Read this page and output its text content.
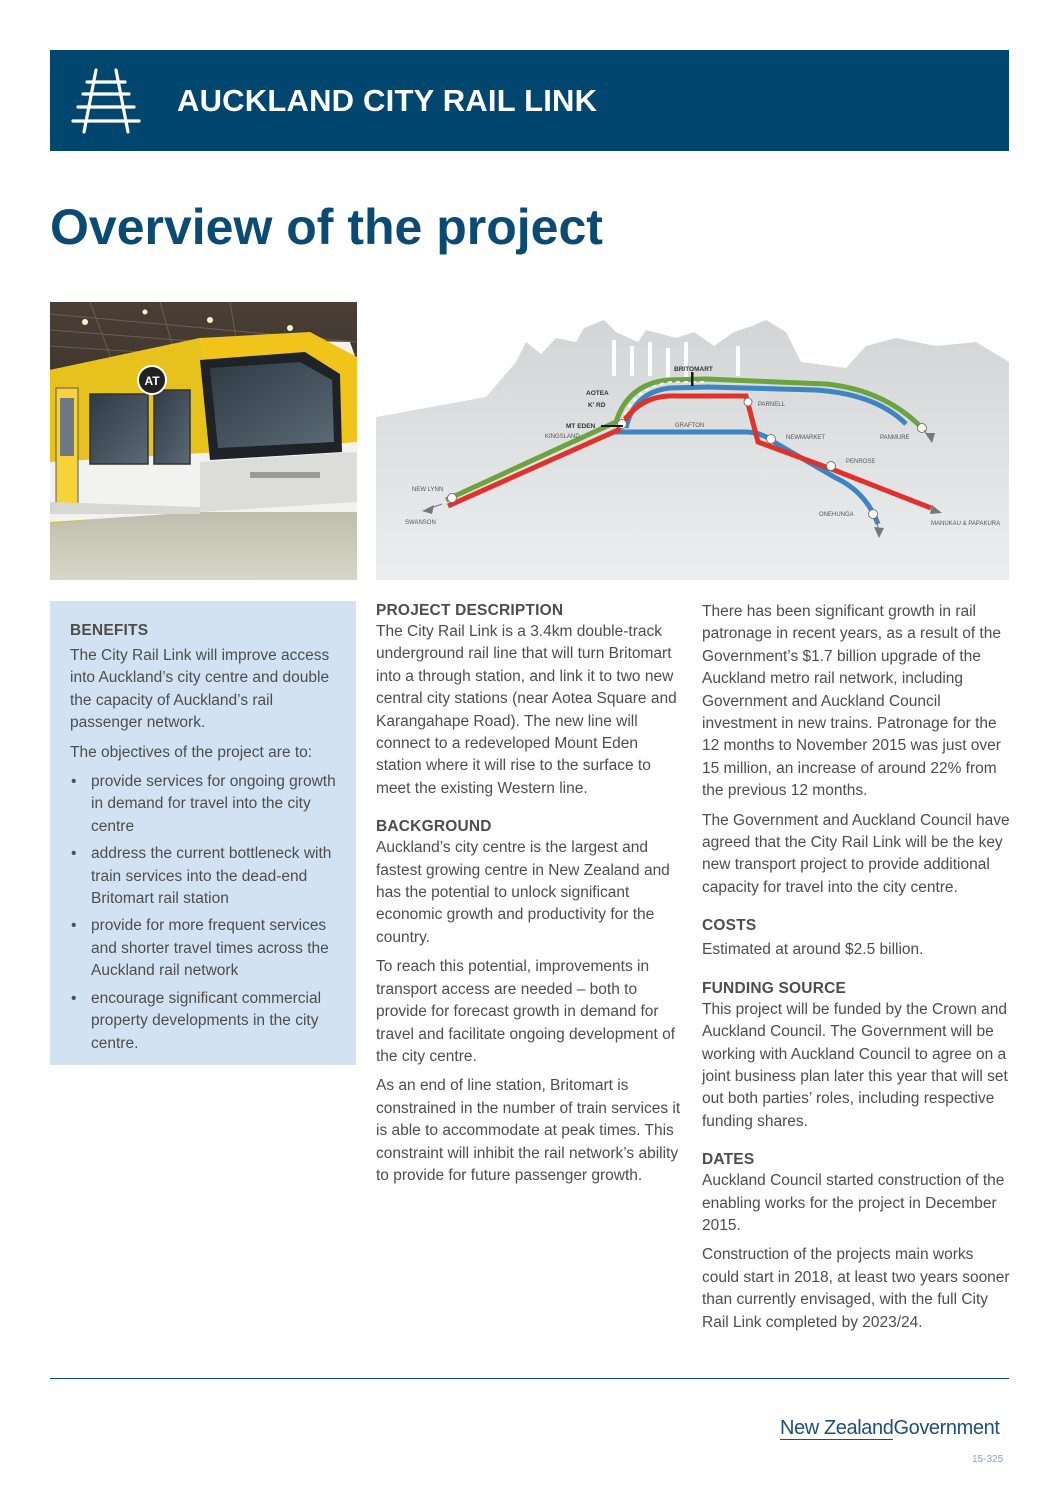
AUCKLAND CITY RAIL LINK
Overview of the project
AT
BRITOMART
AOTEA
K' RD
MT EDEN
KINGSLAND
GRAFTON
PARNELL
NEWMARKET	PANMURE
PENROSE
ONEHUNGA
MANUKAU & PAPAKURA
NEW LYNN
SWANSON
BENEFITS

The City Rail Link will improve access into Auckland’s city centre and double the capacity of Auckland’s rail passenger network.

The objectives of the project are to:

• provide services for ongoing growth in demand for travel into the city centre
• address the current bottleneck with train services into the dead-end Britomart rail station
• provide for more frequent services and shorter travel times across the Auckland rail network
• encourage significant commercial property developments in the city centre.
PROJECT DESCRIPTION

The City Rail Link is a 3.4km double-track underground rail line that will turn Britomart into a through station, and link it to two new central city stations (near Aotea Square and Karangahape Road). The new line will connect to a redeveloped Mount Eden station where it will rise to the surface to meet the existing Western line.

BACKGROUND

Auckland’s city centre is the largest and fastest growing centre in New Zealand and has the potential to unlock significant economic growth and productivity for the country.

To reach this potential, improvements in transport access are needed – both to provide for forecast growth in demand for travel and facilitate ongoing development of the city centre.

As an end of line station, Britomart is constrained in the number of train services it is able to accommodate at peak times. This constraint will inhibit the rail network’s ability to provide for future passenger growth.

There has been significant growth in rail patronage in recent years, as a result of the Government’s $1.7 billion upgrade of the Auckland metro rail network, including Government and Auckland Council investment in new trains. Patronage for the 12 months to November 2015 was just over 15 million, an increase of around 22% from the previous 12 months.

The Government and Auckland Council have agreed that the City Rail Link will be the key new transport project to provide additional capacity for travel into the city centre.

COSTS

Estimated at around $2.5 billion.

FUNDING SOURCE

This project will be funded by the Crown and Auckland Council. The Government will be working with Auckland Council to agree on a joint business plan later this year that will set out both parties’ roles, including respective funding shares.

DATES

Auckland Council started construction of the enabling works for the project in December 2015.

Construction of the projects main works could start in 2018, at least two years sooner than currently envisaged, with the full City Rail Link completed by 2023/24.

New ZealandGovernment
15-325
